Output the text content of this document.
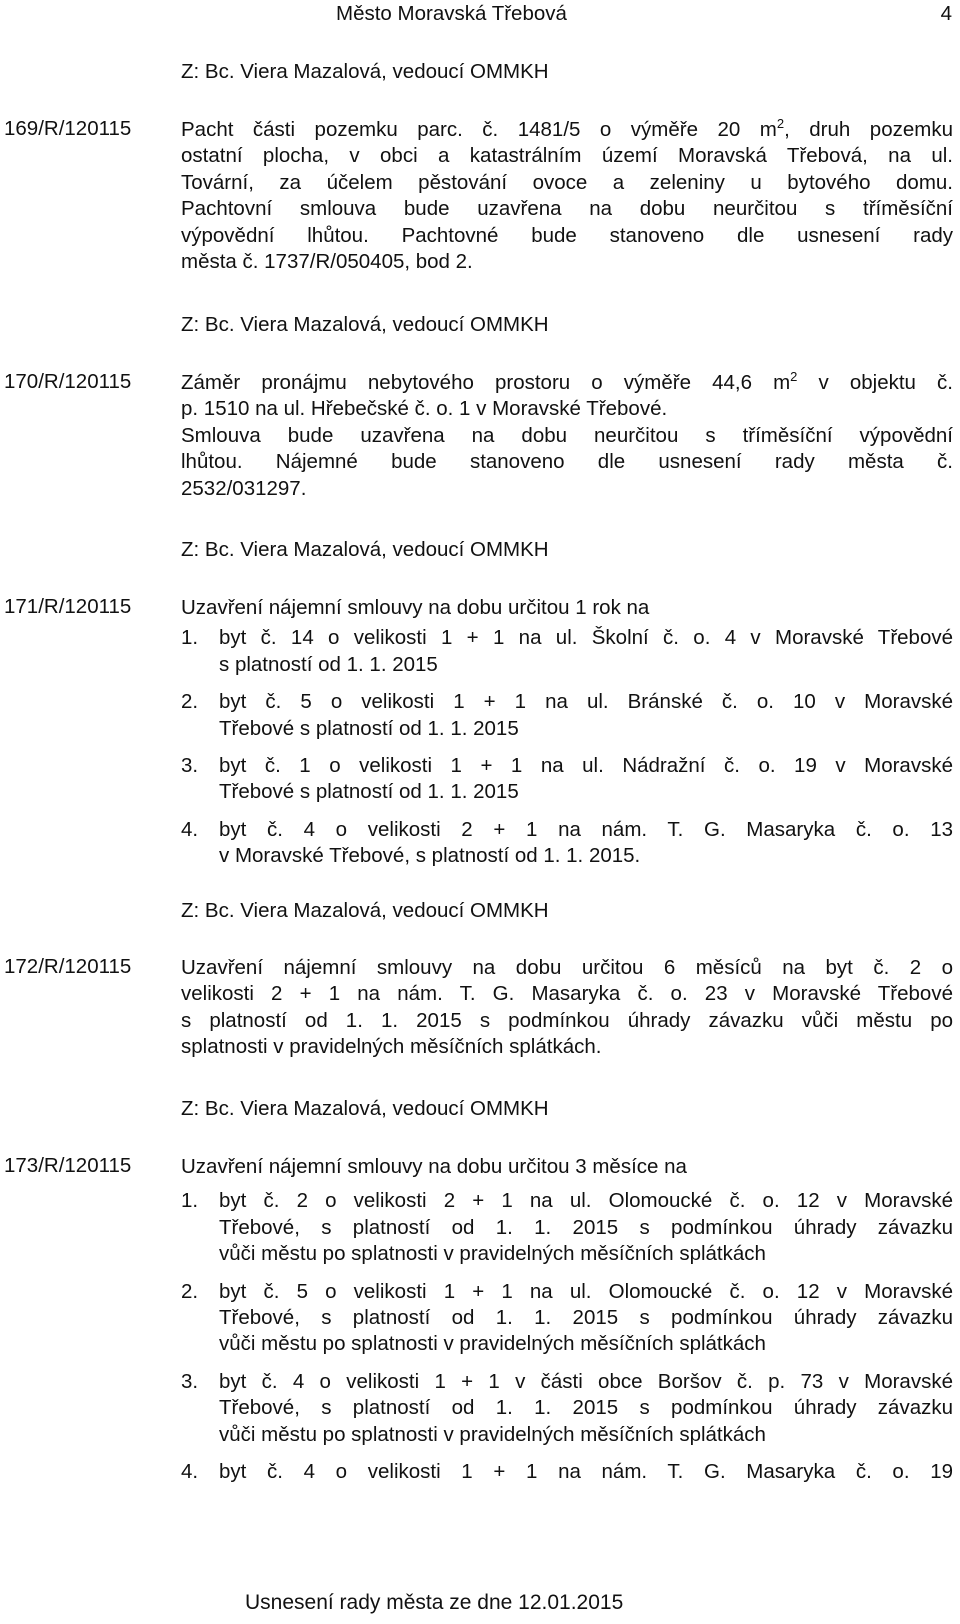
Město Moravská Třebová	4
Z: Bc. Viera Mazalová, vedoucí OMMKH
169/R/120115 Pacht části pozemku parc. č. 1481/5 o výměře 20 $m^2$, druh pozemku
ostatní plocha, v obci a katastrálním území Moravská Třebová, na ul.
Tovární, za účelem pěstování ovoce a zeleniny u bytového domu.
Pachtovní smlouva bude uzavřena na dobu neurčitou s tříměsíční
výpovědní lhůtou. Pachtovné bude stanoveno dle usnesení rady
města č. 1737/R/050405, bod 2.
Z: Bc. Viera Mazalová, vedoucí OMMKH
170/R/120115 Záměr pronájmu nebytového prostoru o výměře 44,6 $m^2$ v objektu č.
p. 1510 na ul. Hřebečské č. o. 1 v Moravské Třebové.
Smlouva bude uzavřena na dobu neurčitou s tříměsíční výpovědní
lhůtou. Nájemné bude stanoveno dle usnesení rady města č.
2532/031297.
Z: Bc. Viera Mazalová, vedoucí OMMKH
171/R/120115 Uzavření nájemní smlouvy na dobu určitou 1 rok na
1. byt č. 14 o velikosti 1 + 1 na ul. Školní č. o. 4 v Moravské Třebové
s platností od 1. 1. 2015
2. byt č. 5 o velikosti 1 + 1 na ul. Bránské č. o. 10 v Moravské
Třebové s platností od 1. 1. 2015
3. byt č. 1 o velikosti 1 + 1 na ul. Nádražní č. o. 19 v Moravské
Třebové s platností od 1. 1. 2015
4. byt č. 4 o velikosti 2 + 1 na nám. T. G. Masaryka č. o. 13
v Moravské Třebové, s platností od 1. 1. 2015.
Z: Bc. Viera Mazalová, vedoucí OMMKH
172/R/120115 Uzavření nájemní smlouvy na dobu určitou 6 měsíců na byt č. 2 o
velikosti 2 + 1 na nám. T. G. Masaryka č. o. 23 v Moravské Třebové
s platností od 1. 1. 2015 s podmínkou úhrady závazku vůči městu po
splatnosti v pravidelných měsíčních splátkách.
Z: Bc. Viera Mazalová, vedoucí OMMKH
173/R/120115 Uzavření nájemní smlouvy na dobu určitou 3 měsíce na
1. byt č. 2 o velikosti 2 + 1 na ul. Olomoucké č. o. 12 v Moravské
Třebové, s platností od 1. 1. 2015 s podmínkou úhrady závazku
vůči městu po splatnosti v pravidelných měsíčních splátkách
2. byt č. 5 o velikosti 1 + 1 na ul. Olomoucké č. o. 12 v Moravské
Třebové, s platností od 1. 1. 2015 s podmínkou úhrady závazku
vůči městu po splatnosti v pravidelných měsíčních splátkách
3. byt č. 4 o velikosti 1 + 1 v části obce Boršov č. p. 73 v Moravské
Třebové, s platností od 1. 1. 2015 s podmínkou úhrady závazku
vůči městu po splatnosti v pravidelných měsíčních splátkách
4. byt č. 4 o velikosti 1 + 1 na nám. T. G. Masaryka č. o. 19
Usnesení rady města ze dne 12.01.2015
